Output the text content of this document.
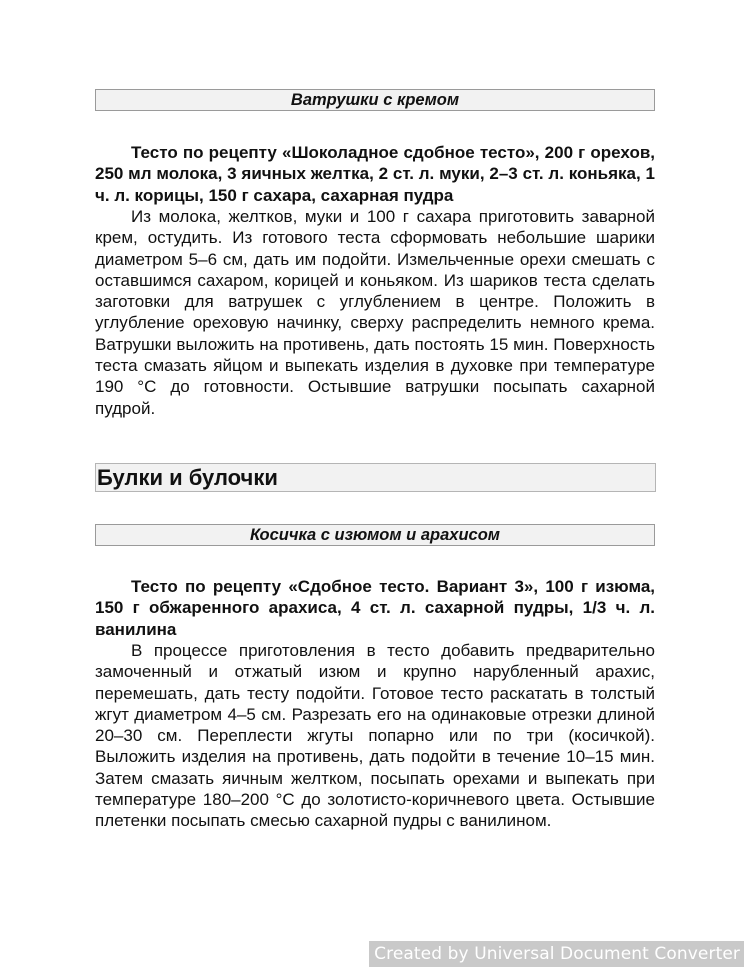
Ватрушки с кремом

Тесто по рецепту «Шоколадное сдобное тесто», 200 г орехов, 250 мл молока, 3 яичных желтка, 2 ст. л. муки, 2–3 ст. л. коньяка, 1 ч. л. корицы, 150 г сахара, сахарная пудра

Из молока, желтков, муки и 100 г сахара приготовить заварной крем, остудить. Из готового теста сформовать небольшие шарики диаметром 5–6 см, дать им подойти. Измельченные орехи смешать с оставшимся сахаром, корицей и коньяком. Из шариков теста сделать заготовки для ватрушек с углублением в центре. Положить в углубление ореховую начинку, сверху распределить немного крема. Ватрушки выложить на противень, дать постоять 15 мин. Поверхность теста смазать яйцом и выпекать изделия в духовке при температуре 190 °С до готовности. Остывшие ватрушки посыпать сахарной пудрой.

Булки и булочки
Косичка с изюмом и арахисом

Тесто по рецепту «Сдобное тесто. Вариант 3», 100 г изюма, 150 г обжаренного арахиса, 4 ст. л. сахарной пудры, 1/3 ч. л. ванилина

В процессе приготовления в тесто добавить предварительно замоченный и отжатый изюм и крупно нарубленный арахис, перемешать, дать тесту подойти. Готовое тесто раскатать в толстый жгут диаметром 4–5 см. Разрезать его на одинаковые отрезки длиной 20–30 см. Переплести жгуты попарно или по три (косичкой). Выложить изделия на противень, дать подойти в течение 10–15 мин. Затем смазать яичным желтком, посыпать орехами и выпекать при температуре 180–200 °С до золотисто-коричневого цвета. Остывшие плетенки посыпать смесью сахарной пудры с ванилином.

Created by Universal Document Converter
